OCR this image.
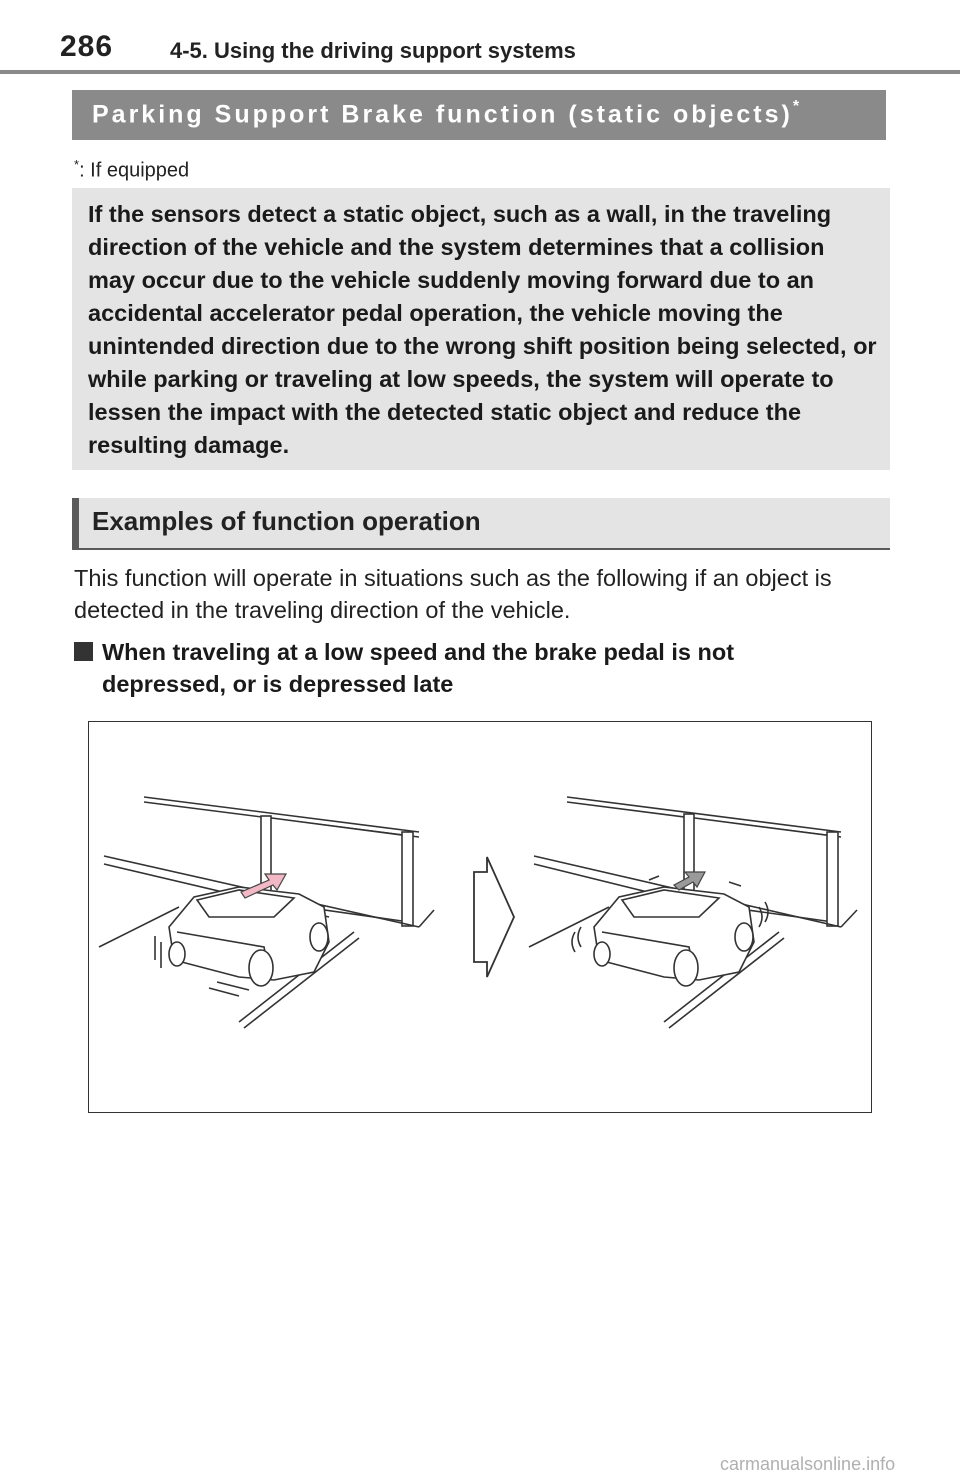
286	4-5. Using the driving support systems
Parking Support Brake function (static objects)*
*: If equipped
If the sensors detect a static object, such as a wall, in the traveling direction of the vehicle and the system determines that a collision may occur due to the vehicle suddenly moving forward due to an accidental accelerator pedal operation, the vehicle moving the unintended direction due to the wrong shift position being selected, or while parking or traveling at low speeds, the system will operate to lessen the impact with the detected static object and reduce the resulting damage.
Examples of function operation
This function will operate in situations such as the following if an object is detected in the traveling direction of the vehicle.
When traveling at a low speed and the brake pedal is not depressed, or is depressed late
carmanualsonline.info
